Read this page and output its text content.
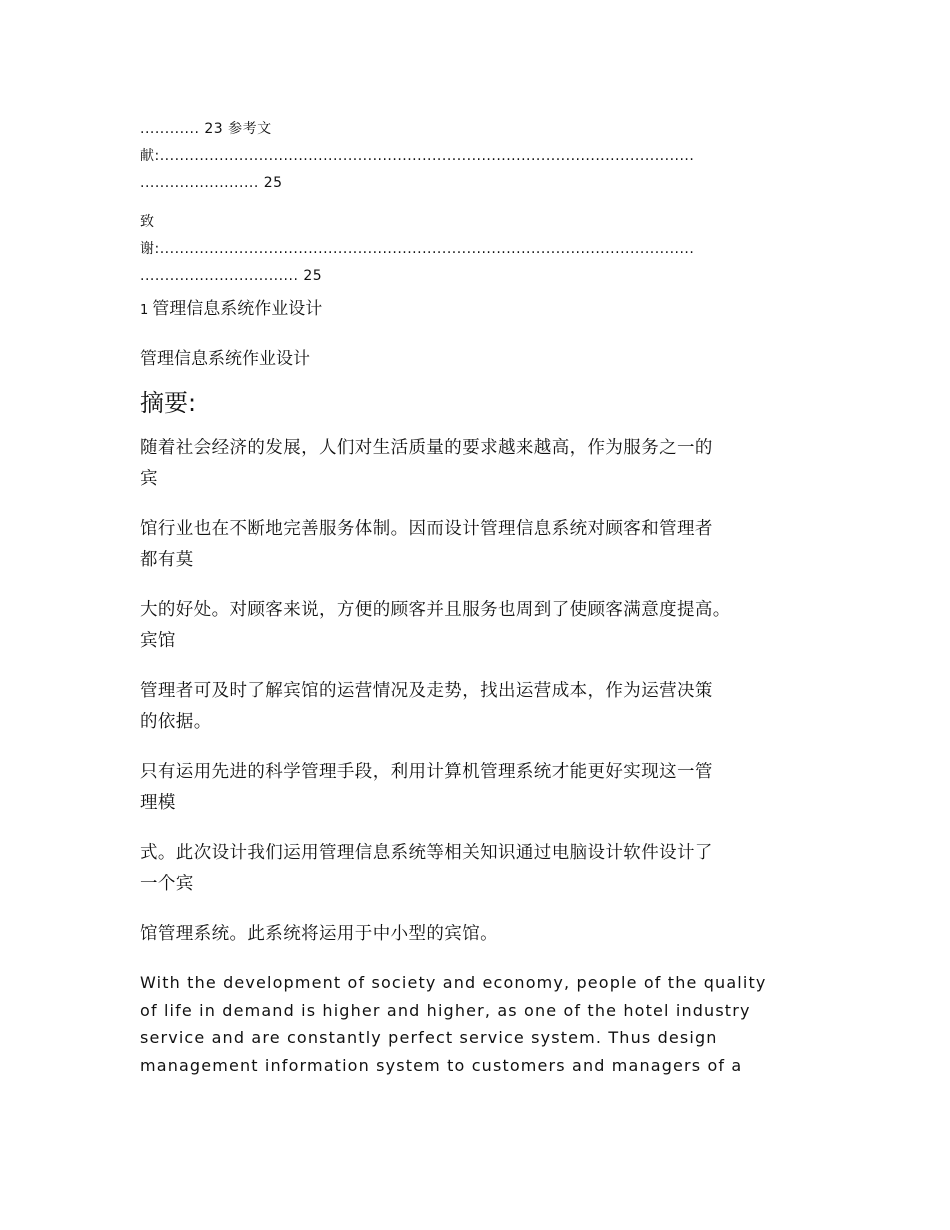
............ 23 参考文
献:............................................................................................................
........................ 25
致
谢:............................................................................................................
................................ 25
1 管理信息系统作业设计
管理信息系统作业设计
摘要:
随着社会经济的发展，人们对生活质量的要求越来越高，作为服务之一的
宾
馆行业也在不断地完善服务体制。因而设计管理信息系统对顾客和管理者
都有莫
大的好处。对顾客来说，方便的顾客并且服务也周到了使顾客满意度提高。
宾馆
管理者可及时了解宾馆的运营情况及走势，找出运营成本，作为运营决策
的依据。
只有运用先进的科学管理手段，利用计算机管理系统才能更好实现这一管
理模
式。此次设计我们运用管理信息系统等相关知识通过电脑设计软件设计了
一个宾
馆管理系统。此系统将运用于中小型的宾馆。
With the development of society and economy, people of the quality
of life in demand is higher and higher, as one of the hotel industry
service and are constantly perfect service system. Thus design
management information system to customers and managers of a
